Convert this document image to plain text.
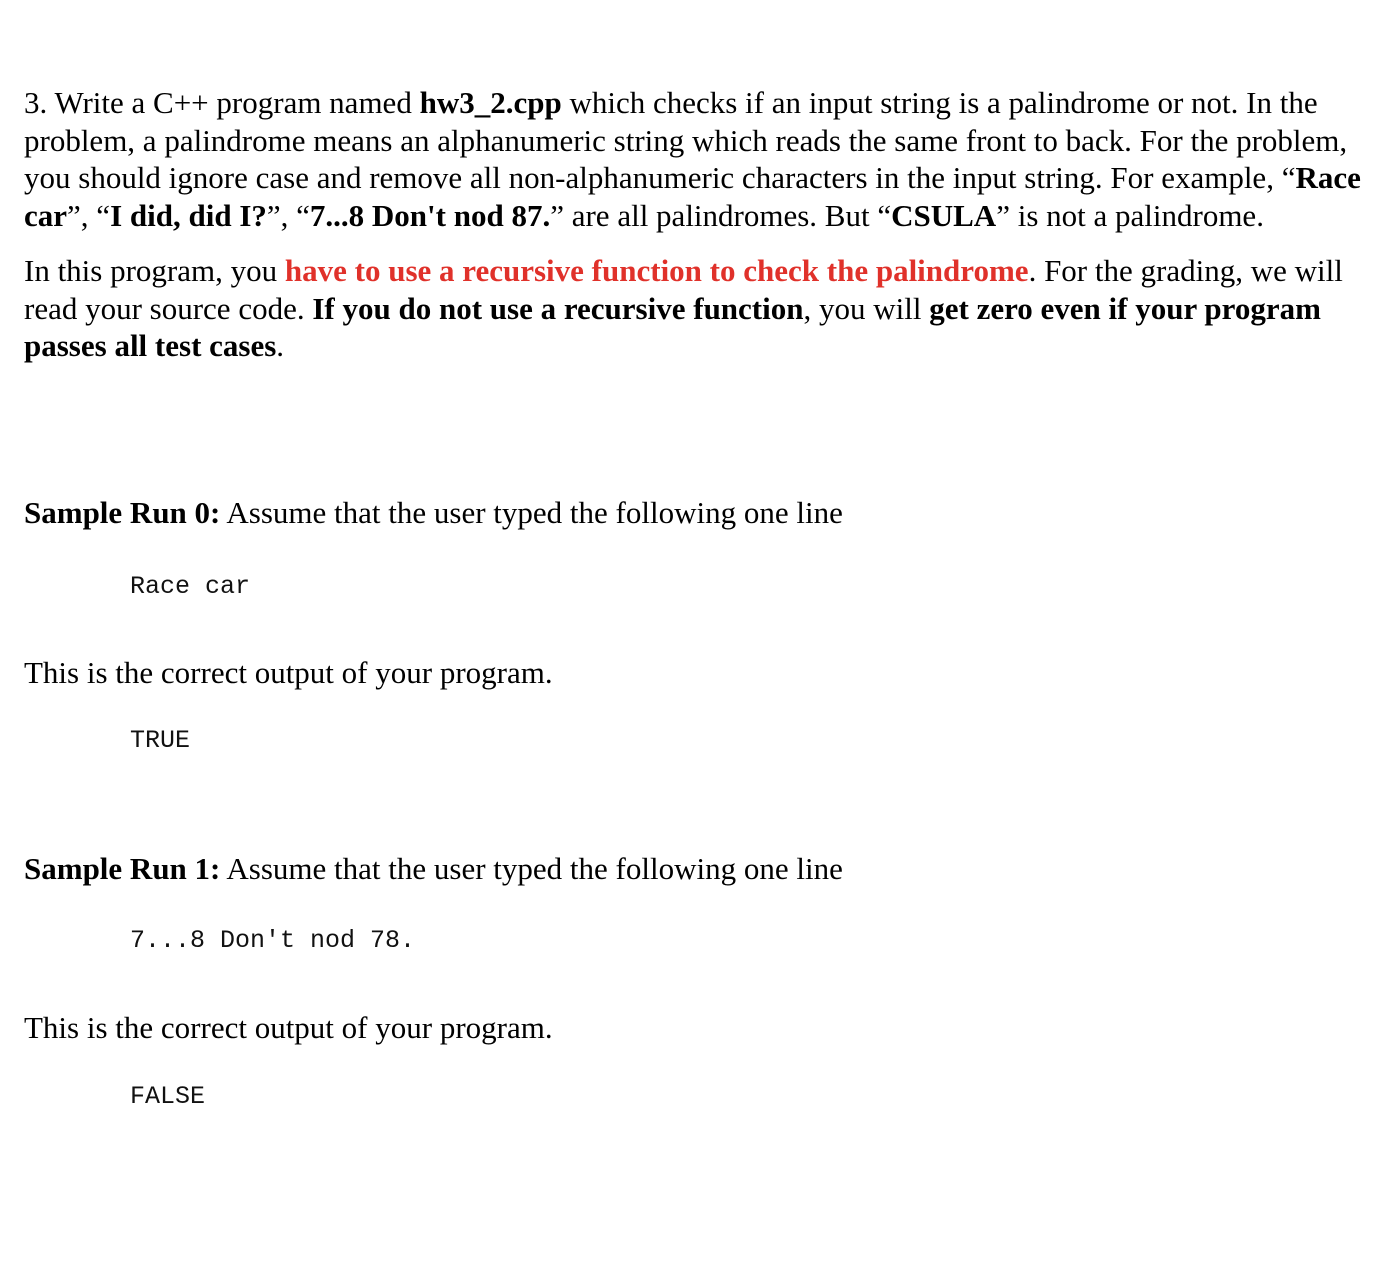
3. Write a C++ program named hw3_2.cpp which checks if an input string is a palindrome or not. In the problem, a palindrome means an alphanumeric string which reads the same front to back. For the problem, you should ignore case and remove all non-alphanumeric characters in the input string. For example, “Race car”, “I did, did I?”, “7...8 Don't nod 87.” are all palindromes. But “CSULA” is not a palindrome.

In this program, you have to use a recursive function to check the palindrome. For the grading, we will read your source code. If you do not use a recursive function, you will get zero even if your program passes all test cases.

Sample Run 0: Assume that the user typed the following one line

Race car

This is the correct output of your program.

TRUE

Sample Run 1: Assume that the user typed the following one line

7...8 Don't nod 78.

This is the correct output of your program.

FALSE
